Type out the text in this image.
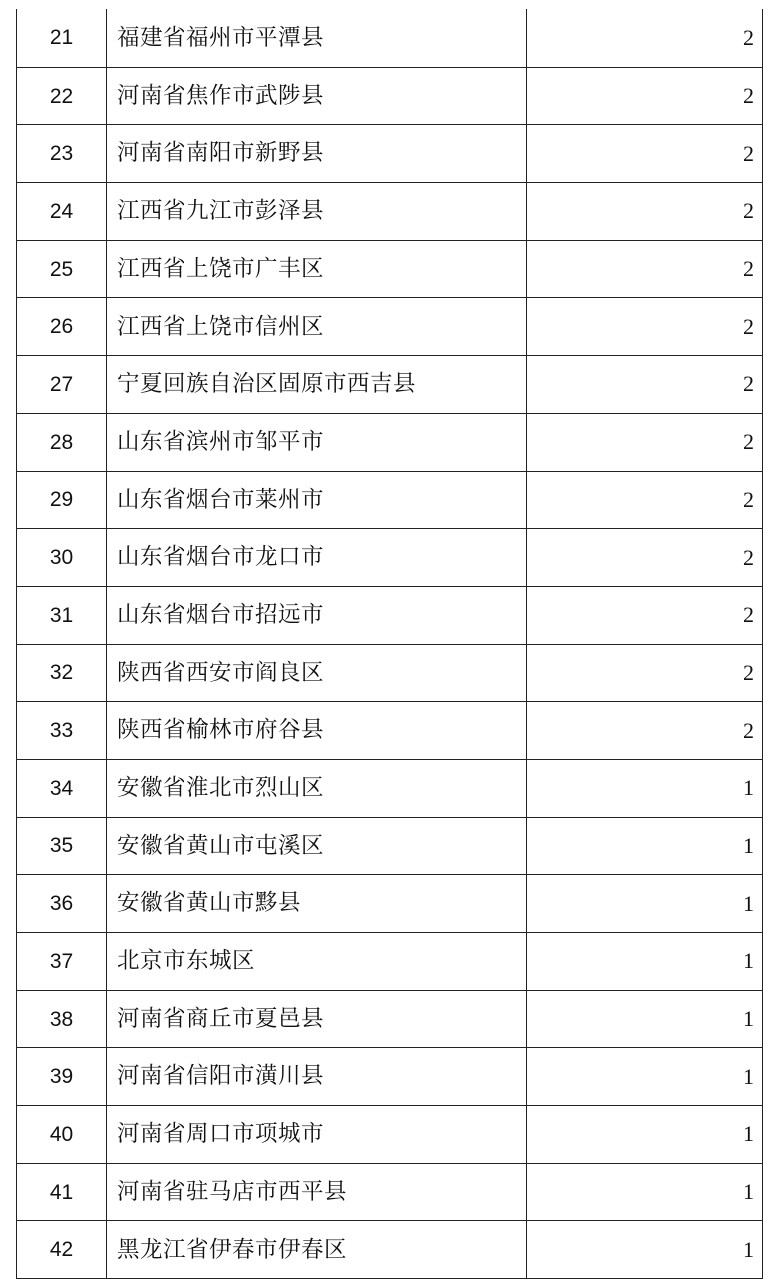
21	福建省福州市平潭县	2
22	河南省焦作市武陟县	2
23	河南省南阳市新野县	2
24	江西省九江市彭泽县	2
25	江西省上饶市广丰区	2
26	江西省上饶市信州区	2
27	宁夏回族自治区固原市西吉县	2
28	山东省滨州市邹平市	2
29	山东省烟台市莱州市	2
30	山东省烟台市龙口市	2
31	山东省烟台市招远市	2
32	陕西省西安市阎良区	2
33	陕西省榆林市府谷县	2
34	安徽省淮北市烈山区	1
35	安徽省黄山市屯溪区	1
36	安徽省黄山市黟县	1
37	北京市东城区	1
38	河南省商丘市夏邑县	1
39	河南省信阳市潢川县	1
40	河南省周口市项城市	1
41	河南省驻马店市西平县	1
42	黑龙江省伊春市伊春区	1
